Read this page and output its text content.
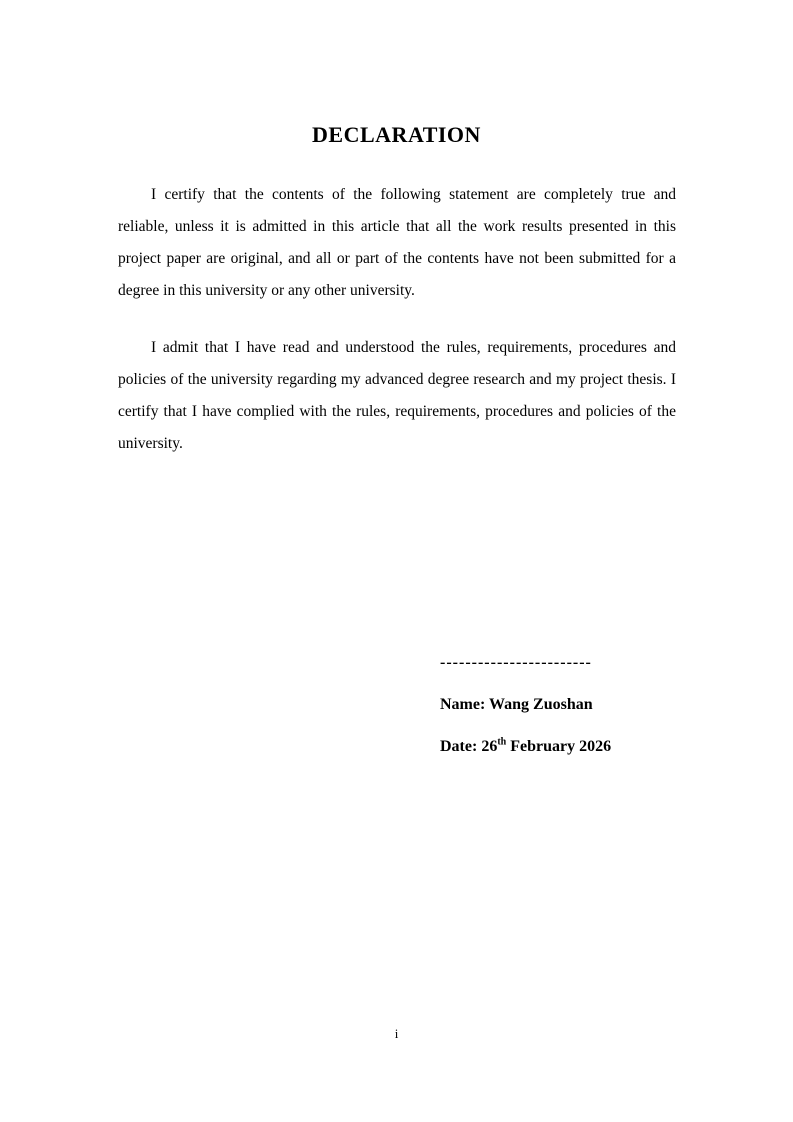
DECLARATION

I certify that the contents of the following statement are completely true and reliable, unless it is admitted in this article that all the work results presented in this project paper are original, and all or part of the contents have not been submitted for a degree in this university or any other university.

I admit that I have read and understood the rules, requirements, procedures and policies of the university regarding my advanced degree research and my project thesis. I certify that I have complied with the rules, requirements, procedures and policies of the university.

------------------------
Name: Wang Zuoshan
Date: 26th February 2026
i
